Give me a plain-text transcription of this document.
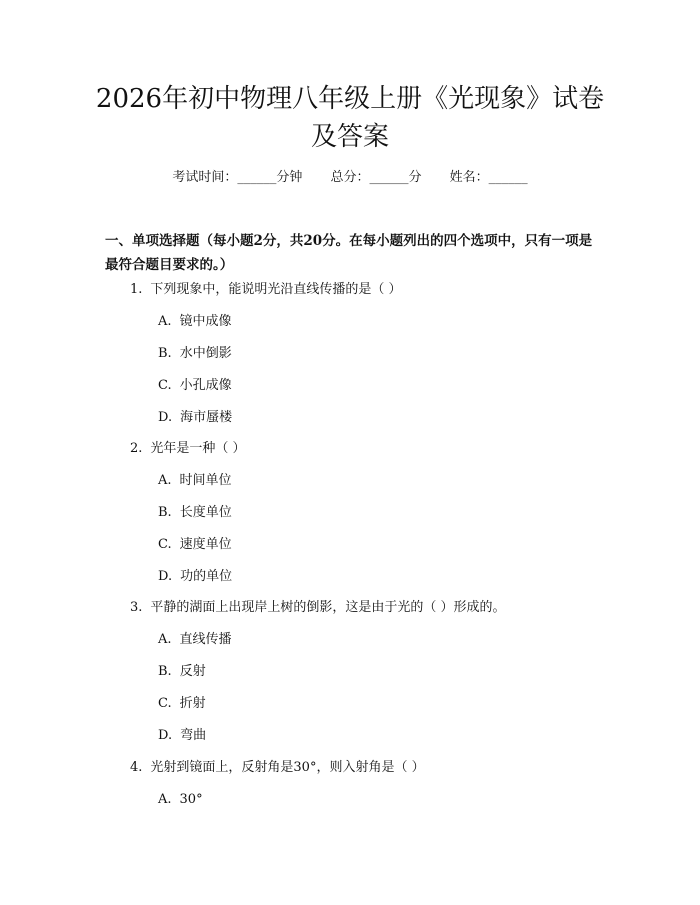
2026年初中物理八年级上册《光现象》试卷
及答案
考试时间：______分钟 总分：______分 姓名：______
一、单项选择题（每小题2分，共20分。在每小题列出的四个选项中，只有一项是最符合题目要求的。）
1. 下列现象中，能说明光沿直线传播的是（ ）
A. 镜中成像
B. 水中倒影
C. 小孔成像
D. 海市蜃楼
2. 光年是一种（ ）
A. 时间单位
B. 长度单位
C. 速度单位
D. 功的单位
3. 平静的湖面上出现岸上树的倒影，这是由于光的（ ）形成的。
A. 直线传播
B. 反射
C. 折射
D. 弯曲
4. 光射到镜面上，反射角是30°，则入射角是（ ）
A. 30°
